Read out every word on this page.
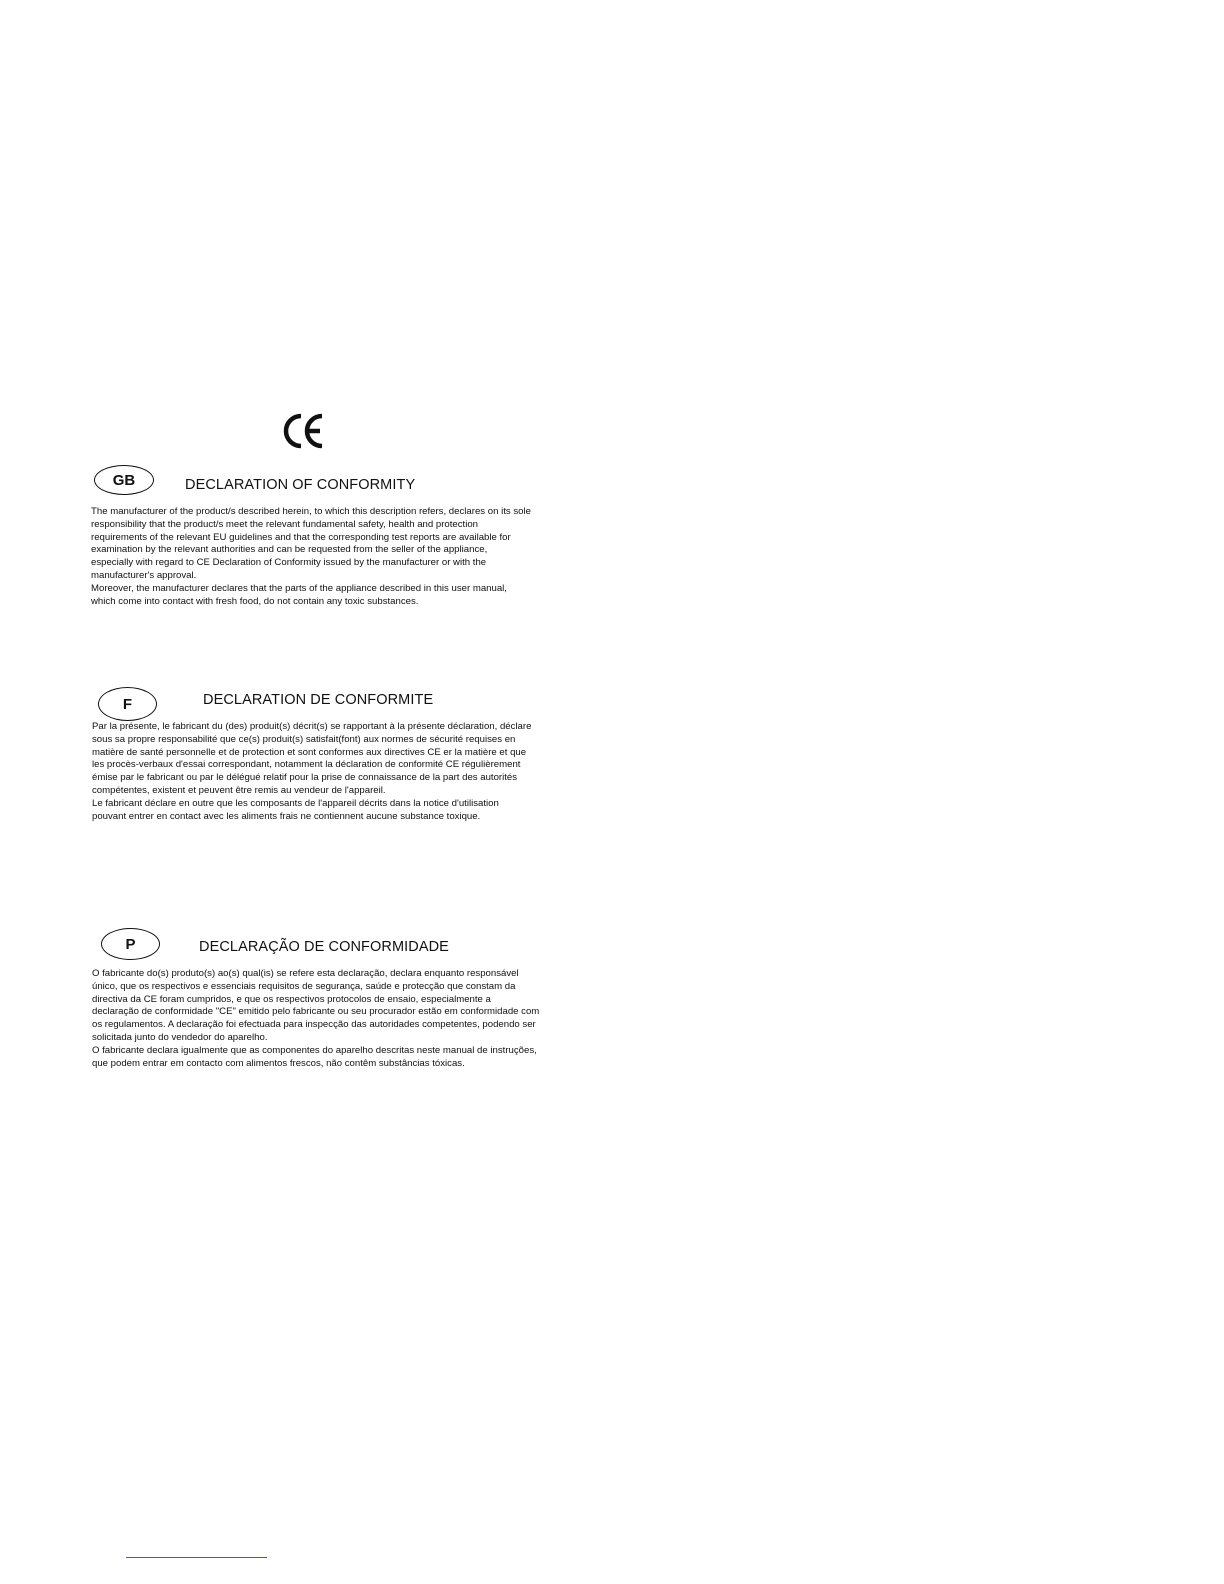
GB	DECLARATION OF CONFORMITY

The manufacturer of the product/s described herein, to which this description refers, declares on its sole responsibility that the product/s meet the relevant fundamental safety, health and protection requirements of the relevant EU guidelines and that the corresponding test reports are available for examination by the relevant authorities and can be requested from the seller of the appliance, especially with regard to CE Declaration of Conformity issued by the manufacturer or with the manufacturer's approval.

Moreover, the manufacturer declares that the parts of the appliance described in this user manual, which come into contact with fresh food, do not contain any toxic substances.

F	DECLARATION DE CONFORMITE

Par la présente, le fabricant du (des) produit(s) décrit(s) se rapportant à la présente déclaration, déclare sous sa propre responsabilité que ce(s) produit(s) satisfait(font) aux normes de sécurité requises en matière de santé personnelle et de protection et sont conformes aux directives CE er la matière et que les procès-verbaux d'essai correspondant, notamment la déclaration de conformité CE régulièrement émise par le fabricant ou par le délégué relatif pour la prise de connaissance de la part des autorités compétentes, existent et peuvent être remis au vendeur de l'appareil.

Le fabricant déclare en outre que les composants de l'appareil décrits dans la notice d'utilisation pouvant entrer en contact avec les aliments frais ne contiennent aucune substance toxique.

P	DECLARAÇÃO DE CONFORMIDADE

O fabricante do(s) produto(s) ao(s) qual(is) se refere esta declaração, declara enquanto responsável único, que os respectivos e essenciais requisitos de segurança, saúde e protecção que constam da directiva da CE foram cumpridos, e que os respectivos protocolos de ensaio, especialmente a declaração de conformidade "CE" emitido pelo fabricante ou seu procurador estão em conformidade com os regulamentos. A declaração foi efectuada para inspecção das autoridades competentes, podendo ser solicitada junto do vendedor do aparelho.

O fabricante declara igualmente que as componentes do aparelho descritas neste manual de instruções, que podem entrar em contacto com alimentos frescos, não contêm substâncias tóxicas.
